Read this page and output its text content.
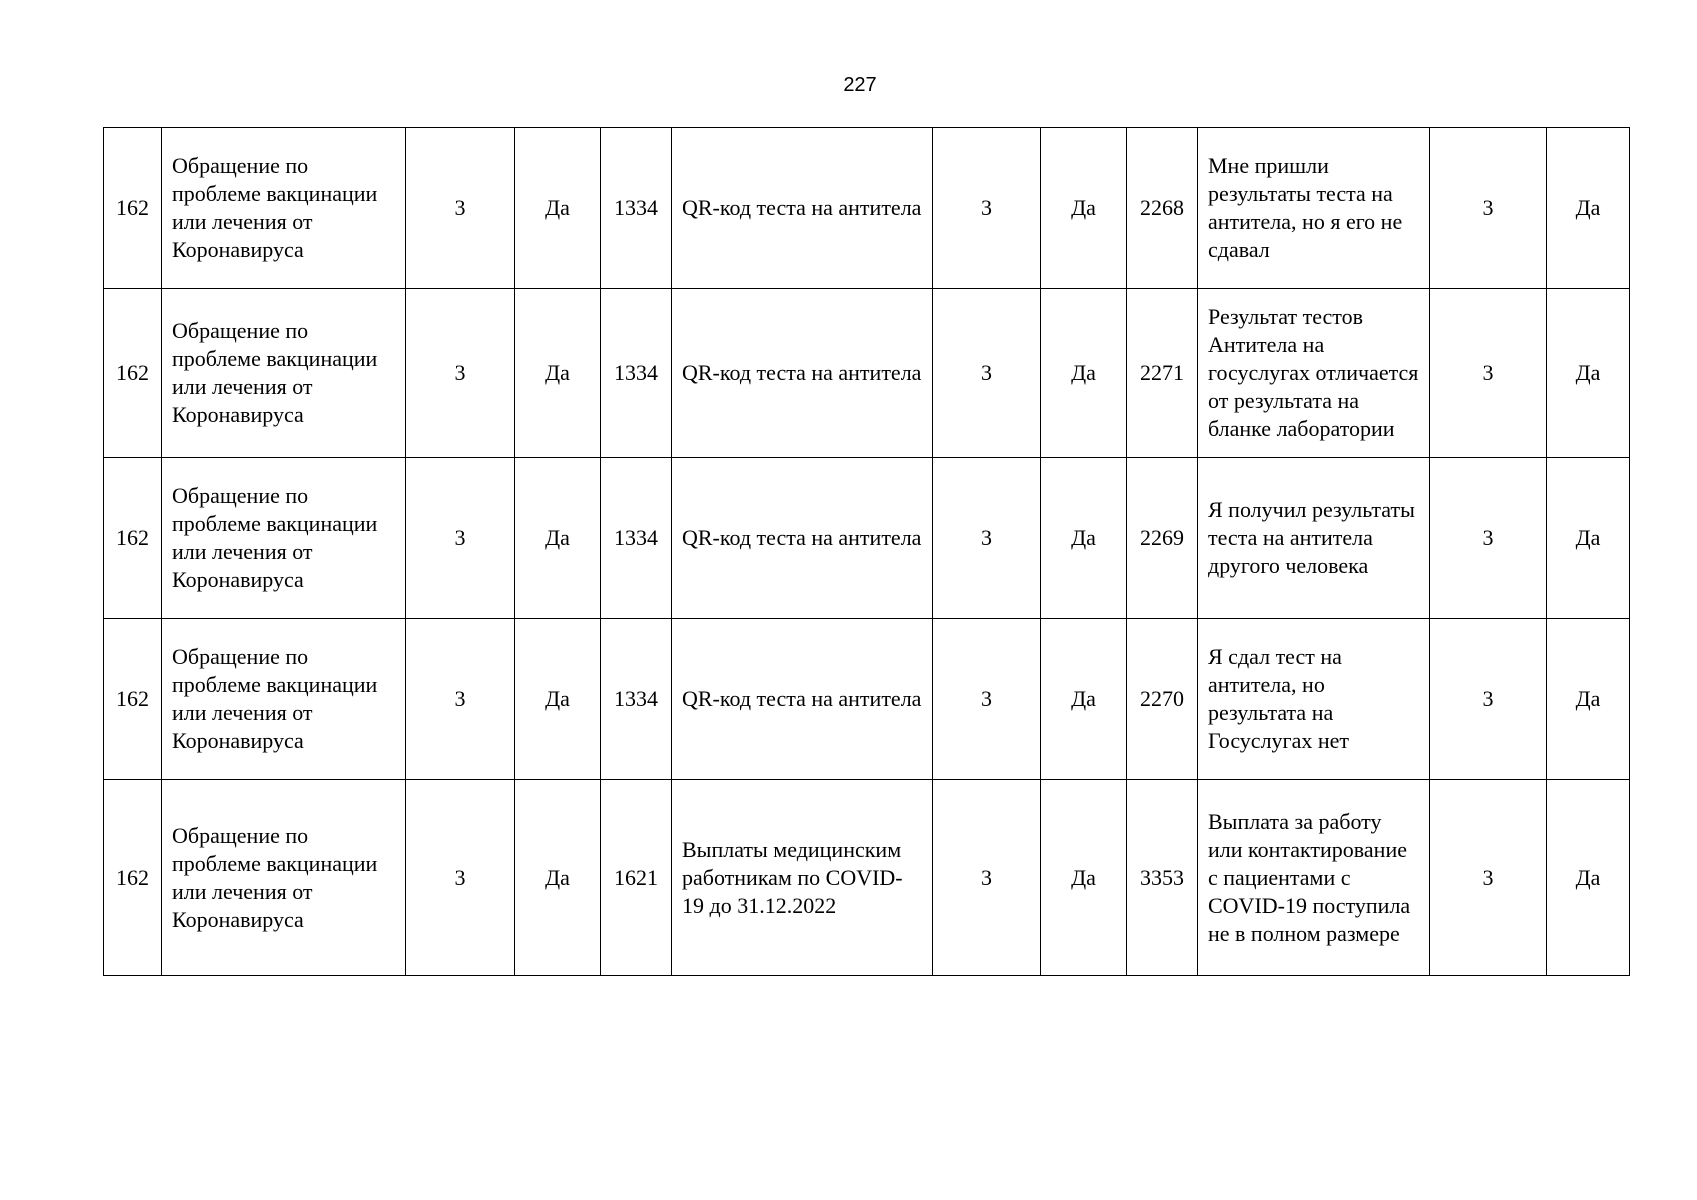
227
162	Обращение по проблеме вакцинации или лечения от Коронавируса	3	Да	1334	QR-код теста на антитела	3	Да	2268	Мне пришли результаты теста на антитела, но я его не сдавал	3	Да
162	Обращение по проблеме вакцинации или лечения от Коронавируса	3	Да	1334	QR-код теста на антитела	3	Да	2271	Результат тестов Антитела на госуслугах отличается от результата на бланке лаборатории	3	Да
162	Обращение по проблеме вакцинации или лечения от Коронавируса	3	Да	1334	QR-код теста на антитела	3	Да	2269	Я получил результаты теста на антитела другого человека	3	Да
162	Обращение по проблеме вакцинации или лечения от Коронавируса	3	Да	1334	QR-код теста на антитела	3	Да	2270	Я сдал тест на антитела, но результата на Госуслугах нет	3	Да
162	Обращение по проблеме вакцинации или лечения от Коронавируса	3	Да	1621	Выплаты медицинским работникам по COVID-19 до 31.12.2022	3	Да	3353	Выплата за работу или контактирование с пациентами с COVID-19 поступила не в полном размере	3	Да
